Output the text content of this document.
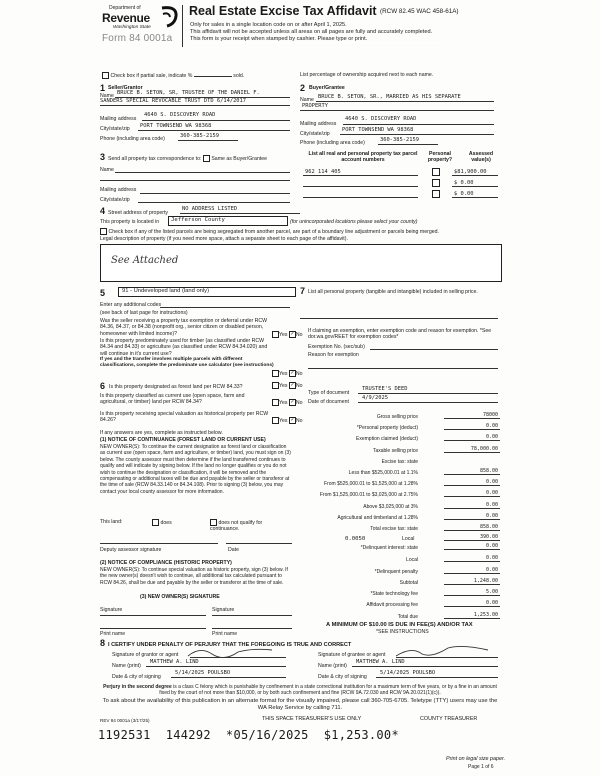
Department of
Revenue
Washington State
Form 84 0001a
Real Estate Excise Tax Affidavit (RCW 82.45 WAC 458-61A)
Only for sales in a single location code on or after April 1, 2025.
This affidavit will not be accepted unless all areas on all pages are fully and accurately completed.
This form is your receipt when stamped by cashier. Please type or print.
Check box if partial sale, indicate %	sold.	List percentage of ownership acquired next to each name.
1 Seller/Grantor
Name BRUCE B. SETON, SR, TRUSTEE OF THE DANIEL F.
SANDERS SPECIAL REVOCABLE TRUST DTD 6/14/2017
Mailing address
4640 S. DISCOVERY ROAD
City/state/zip PORT TOWNSEND WA 98368
Phone (including area code)	360-385-2159
2 Buyer/Grantee
Name BRUCE B. SETON, SR., MARRIED AS HIS SEPARATE
PROPERTY
Mailing address
4640 S. DISCOVERY ROAD
City/state/zip
PORT TOWNSEND WA 98368
Phone (including area code)	360-385-2159
3 Send all property tax correspondence to: Same as Buyer/Grantee
Name
Mailing address
City/state/zip
List all real and personal property tax parcel account numbers
Personal property?
Assessed value(s)
962 114 405	$81,900.00
$ 0.00
$ 0.00
4 Street address of property
NO ADDRESS LISTED
This property is located in	Jefferson County	(for unincorporated locations please select your county)
Check box if any of the listed parcels are being segregated from another parcel, are part of a boundary line adjustment or parcels being merged.
Legal description of property (if you need more space, attach a separate sheet to each page of the affidavit).
See Attached
5	91 - Undeveloped land (land only)
Enter any additional codes
(see back of last page for instructions)
Was the seller receiving a property tax exemption or deferral under RCW 84.36, 84.37, or 84.38 (nonprofit org., senior citizen or disabled person, homeowner with limited income)?	Yes ✓No
Is this property predominately used for timber (as classified under RCW 84.34 and 84.33) or agriculture (as classified under RCW 84.34.020) and will continue in it's current use?
If yes and the transfer involves multiple parcels with different classifications, complete the predominate use calculator (see instructions)
Yes ✓No
6 Is this property designated as forest land per RCW 84.33?	Yes ✓No
Is this property classified as current use (open space, farm and agricultural, or timber) land per RCW 84.34?	Yes ✓No
Is this property receiving special valuation as historical property per RCW 84.26?	Yes ✓No
If any answers are yes, complete as instructed below.
(1) NOTICE OF CONTINUANCE (FOREST LAND OR CURRENT USE)
NEW OWNER(S): To continue the current designation as forest land or classification as current use (open space, farm and agriculture, or timber) land, you must sign on (3) below. The county assessor must then determine if the land transferred continues to qualify and will indicate by signing below. If the land no longer qualifies or you do not wish to continue the designation or classification, it will be removed and the compensating or additional taxes will be due and payable by the seller or transferor at the time of sale (RCW 84.33.140 or 84.34.108). Prior to signing (3) below, you may contact your local county assessor for more information.
This land:	does	does not qualify for continuance.
Deputy assessor signature	Date
(2) NOTICE OF COMPLIANCE (HISTORIC PROPERTY)
NEW OWNER(S): To continue special valuation as historic property, sign (3) below. If the new owner(s) doesn't wish to continue, all additional tax calculated pursuant to RCW 84.26, shall be due and payable by the seller or transferor at the time of sale.
(3) NEW OWNER(S) SIGNATURE
Signature	Signature
Print name	Print name
7 List all personal property (tangible and intangible) included in selling price.
If claiming an exemption, enter exemption code and reason for exemption. *See dor.wa.gov/REET for exemption codes*
Exemption No. (sec/sub)
Reason for exemption
Type of document
TRUSTEE'S DEED
Date of document
4/9/2025
Gross selling price	78000
*Personal property (deduct)	0.00
Exemption claimed (deduct)	0.00
Taxable selling price	78,000.00
Excise tax: state
Less than $525,000.01 at 1.1%	858.00
From $525,000.01 to $1,525,000 at 1.28%	0.00
From $1,525,000.01 to $3,025,000 at 2.75%	0.00
Above $3,025,000 at 3%	0.00
Agricultural and timberland at 1.28%	0.00
Total excise tax: state	858.00
0.0050	Local	390.00
*Delinquent interest: state	0.00
Local	0.00
*Delinquent penalty	0.00
Subtotal	1,248.00
*State technology fee	5.00
Affidavit processing fee	0.00
Total due	1,253.00
A MINIMUM OF $10.00 IS DUE IN FEE(S) AND/OR TAX
*SEE INSTRUCTIONS
8 I CERTIFY UNDER PENALTY OF PERJURY THAT THE FOREGOING IS TRUE AND CORRECT
Signature of grantor or agent
Name (print)
MATTHEW A. LIND
Date & city of signing
5/14/2025 POULSBO
Signature of grantee or agent
Name (print)
MATTHEW A. LIND
Date & city of signing
5/14/2025 POULSBO
Perjury in the second degree is a class C felony which is punishable by confinement in a state correctional institution for a maximum term of five years, or by a fine in an amount fixed by the court of not more than $10,000, or by both such confinement and fine (RCW 9A.72.030 and RCW 9A.20.021(1)(c)).
To ask about the availability of this publication in an alternate format for the visually impaired, please call 360-705-6705. Teletype (TTY) users may use the WA Relay Service by calling 711.
REV 84 0001a (3/17/25)	THIS SPACE TREASURER'S USE ONLY	COUNTY TREASURER
1192531  144292  *05/16/2025  $1,253.00*
Print on legal size paper.
Page 1 of 6
